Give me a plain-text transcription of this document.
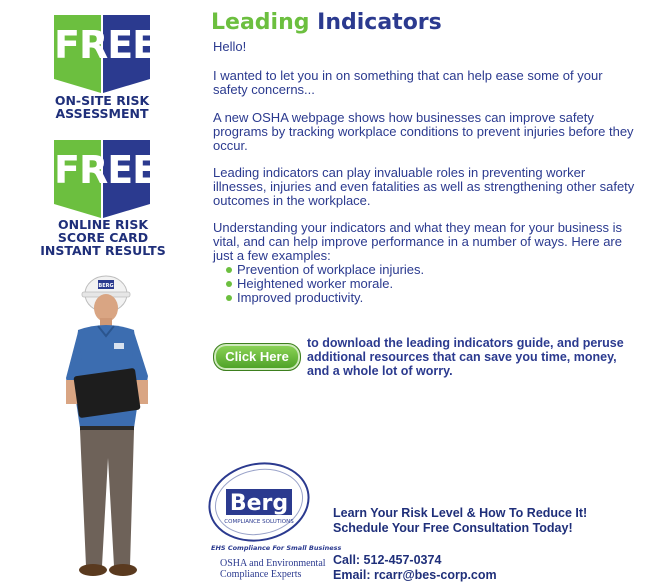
FREE
ON-SITE RISK
ASSESSMENT
FREE
ONLINE RISK
SCORE CARD
INSTANT RESULTS
Leading Indicators

Hello!

I wanted to let you in on something that can help ease some of your safety concerns...

A new OSHA webpage shows how businesses can improve safety programs by tracking workplace conditions to prevent injuries before they occur.

Leading indicators can play invaluable roles in preventing worker illnesses, injuries and even fatalities as well as strengthening other safety outcomes in the workplace.

Understanding your indicators and what they mean for your business is vital, and can help improve performance in a number of ways. Here are just a few examples:

Prevention of workplace injuries.
Heightened worker morale.
Improved productivity.
Click Here
to download the leading indicators guide, and peruse additional resources that can save you time, money, and a whole lot of worry.
BERG
Berg
COMPLIANCE SOLUTIONS
EHS Compliance For Small Business
OSHA and Environmental
Compliance Experts
Learn Your Risk Level & How To Reduce It!
Schedule Your Free Consultation Today!
Call: 512-457-0374
Email: rcarr@bes-corp.com
